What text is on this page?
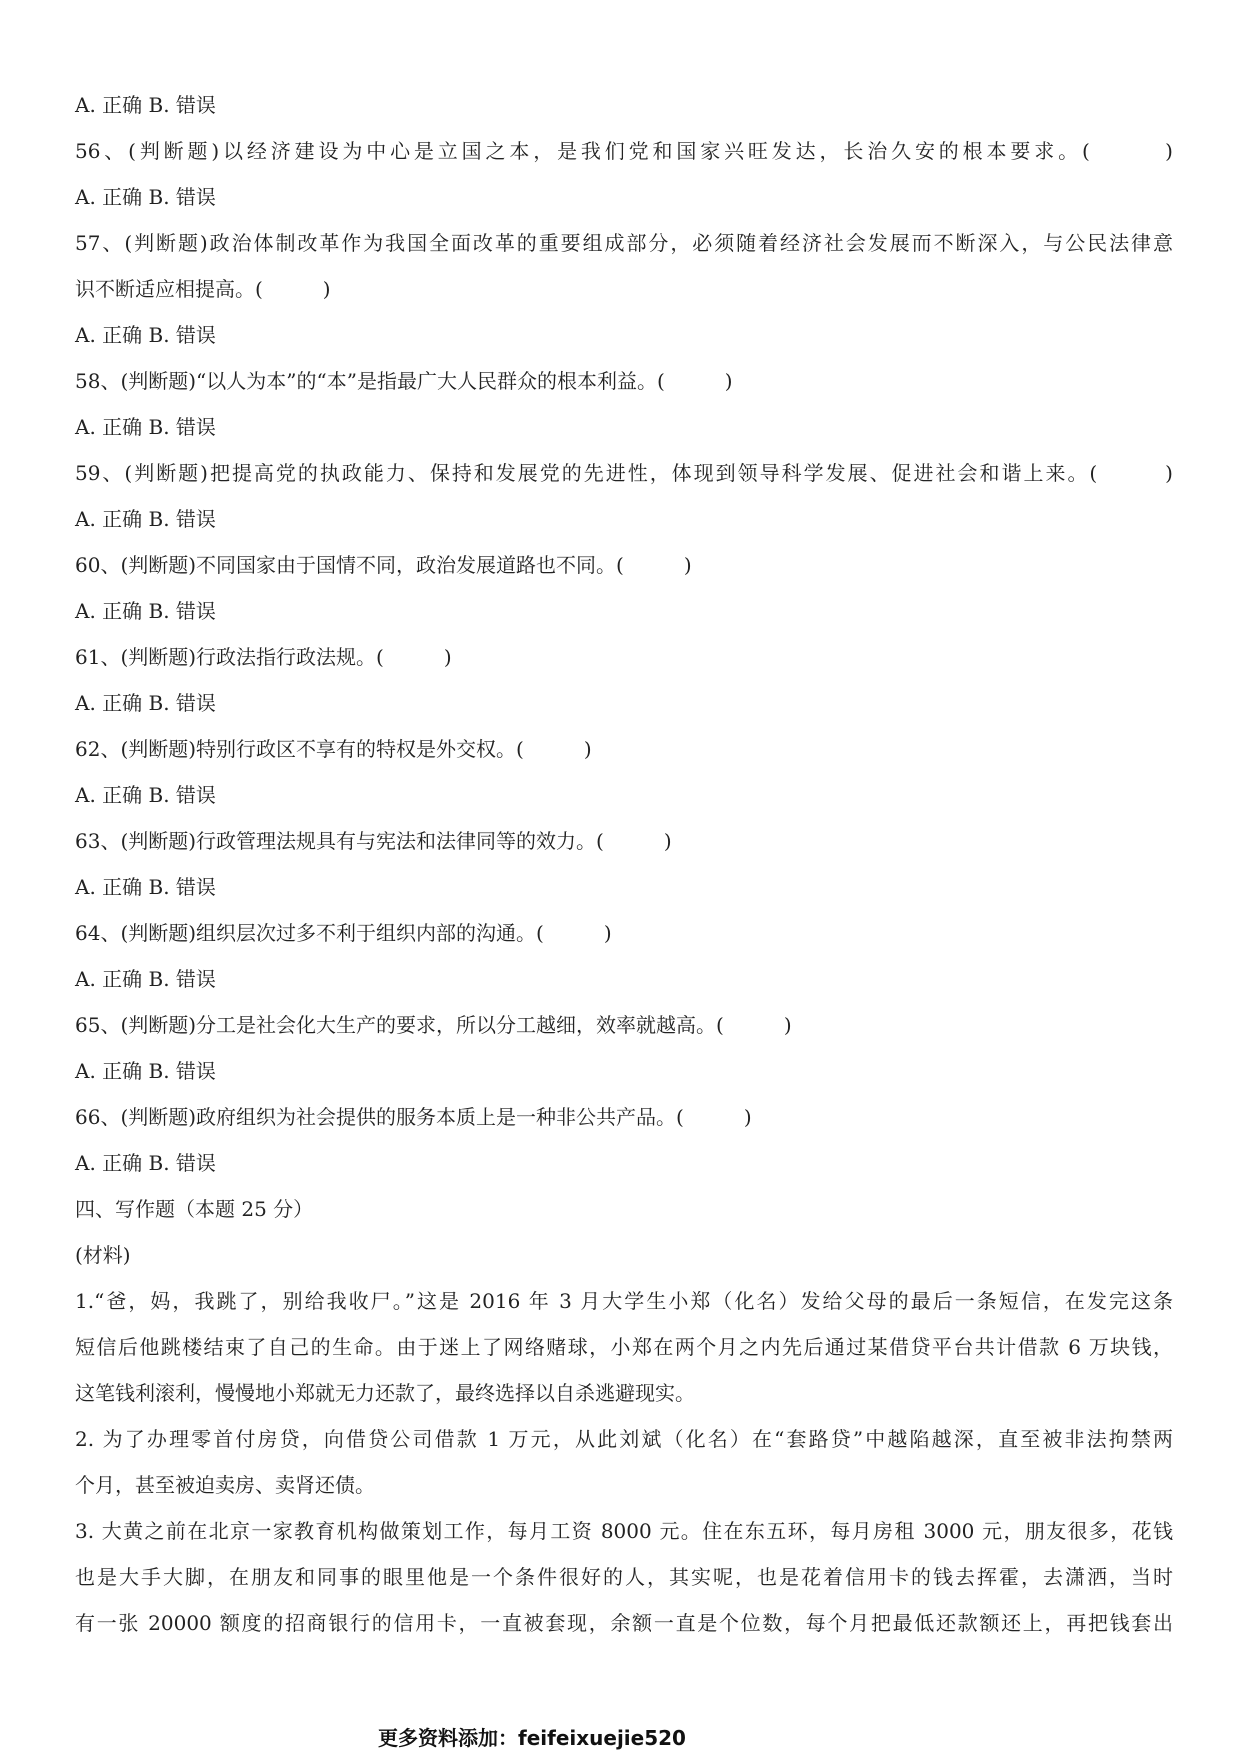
A. 正确 B. 错误
56、(判断题)以经济建设为中心是立国之本，是我们党和国家兴旺发达，长治久安的根本要求。(　　　)
A. 正确 B. 错误
57、(判断题)政治体制改革作为我国全面改革的重要组成部分，必须随着经济社会发展而不断深入，与公民法律意
识不断适应相提高。(　　　)
A. 正确 B. 错误
58、(判断题)“以人为本”的“本”是指最广大人民群众的根本利益。(　　　)
A. 正确 B. 错误
59、(判断题)把提高党的执政能力、保持和发展党的先进性，体现到领导科学发展、促进社会和谐上来。(　　　)
A. 正确 B. 错误
60、(判断题)不同国家由于国情不同，政治发展道路也不同。(　　　)
A. 正确 B. 错误
61、(判断题)行政法指行政法规。(　　　)
A. 正确 B. 错误
62、(判断题)特别行政区不享有的特权是外交权。(　　　)
A. 正确 B. 错误
63、(判断题)行政管理法规具有与宪法和法律同等的效力。(　　　)
A. 正确 B. 错误
64、(判断题)组织层次过多不利于组织内部的沟通。(　　　)
A. 正确 B. 错误
65、(判断题)分工是社会化大生产的要求，所以分工越细，效率就越高。(　　　)
A. 正确 B. 错误
66、(判断题)政府组织为社会提供的服务本质上是一种非公共产品。(　　　)
A. 正确 B. 错误
四、写作题（本题 25 分）
(材料)
1.“爸，妈，我跳了，别给我收尸。”这是 2016 年 3 月大学生小郑（化名）发给父母的最后一条短信，在发完这条
短信后他跳楼结束了自己的生命。由于迷上了网络赌球，小郑在两个月之内先后通过某借贷平台共计借款 6 万块钱，
这笔钱利滚利，慢慢地小郑就无力还款了，最终选择以自杀逃避现实。
2. 为了办理零首付房贷，向借贷公司借款 1 万元，从此刘斌（化名）在“套路贷”中越陷越深，直至被非法拘禁两
个月，甚至被迫卖房、卖肾还债。
3. 大黄之前在北京一家教育机构做策划工作，每月工资 8000 元。住在东五环，每月房租 3000 元，朋友很多，花钱
也是大手大脚，在朋友和同事的眼里他是一个条件很好的人，其实呢，也是花着信用卡的钱去挥霍，去潇洒，当时
有一张 20000 额度的招商银行的信用卡，一直被套现，余额一直是个位数，每个月把最低还款额还上，再把钱套出
更多资料添加：feifeixuejie520
